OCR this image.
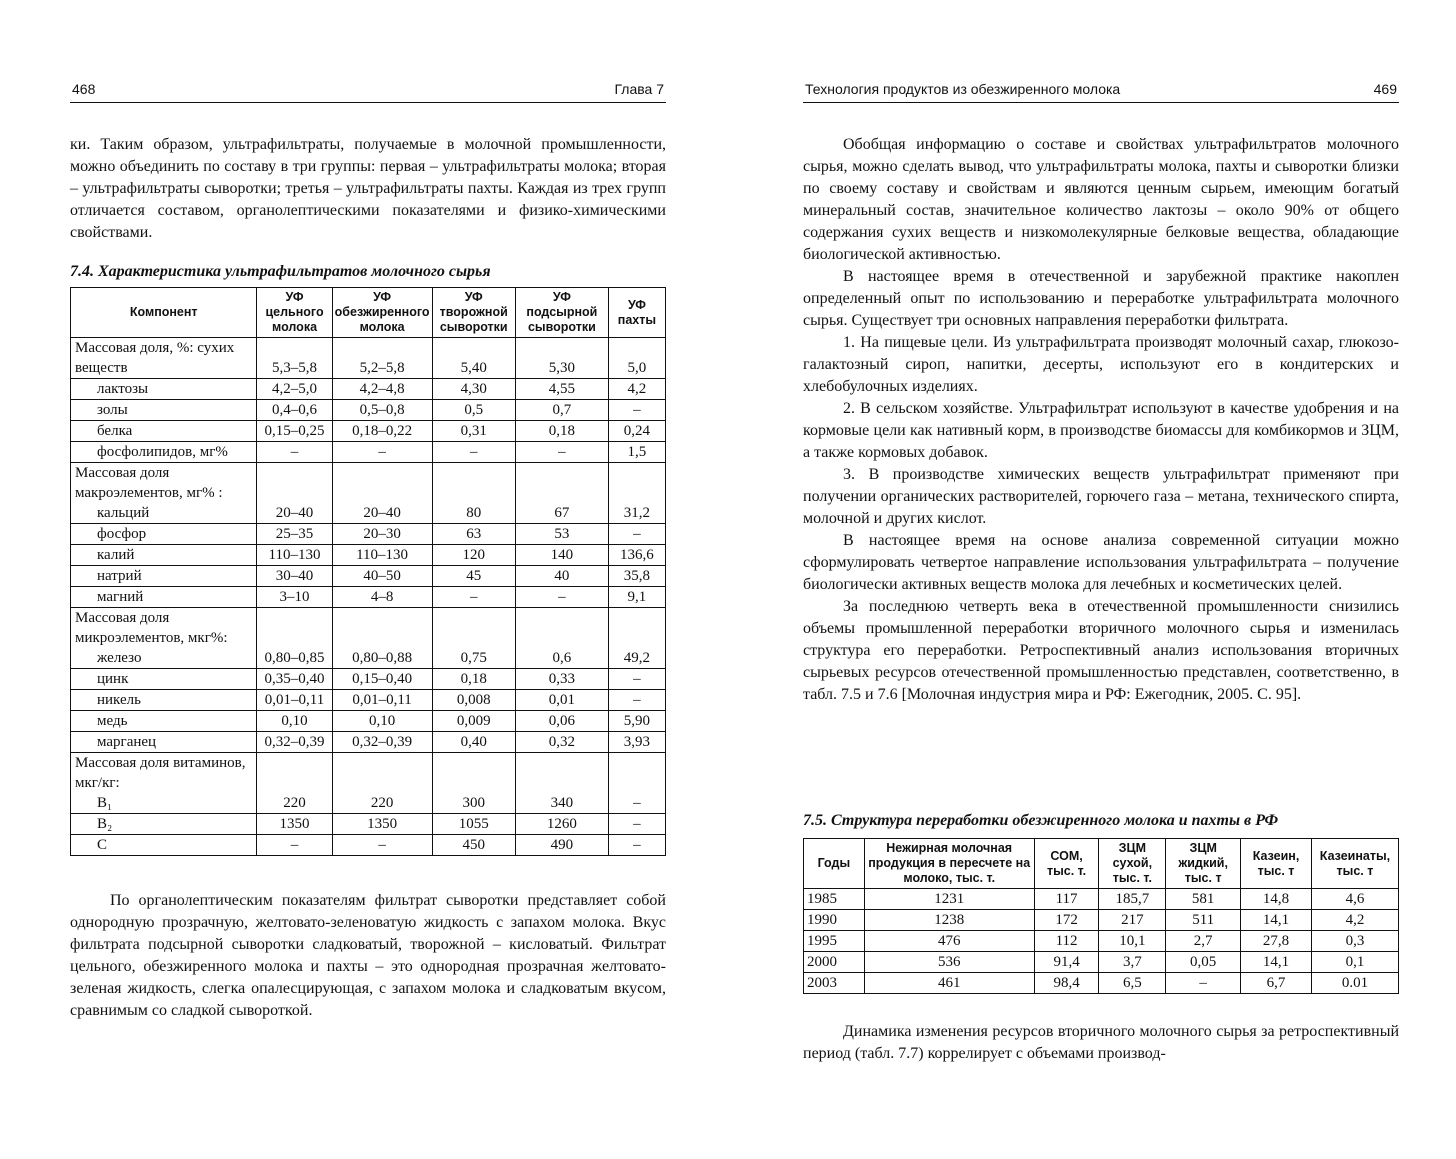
468	Глава 7

ки. Таким образом, ультрафильтраты, получаемые в молочной промышленности, можно объединить по составу в три группы: первая – ультрафильтраты молока; вторая – ультрафильтраты сыворотки; третья – ультрафильтраты пахты. Каждая из трех групп отличается составом, органолептическими показателями и физико-химическими свойствами.

7.4. Характеристика ультрафильтратов молочного сырья

Компонент	УФ цельного молока	УФ обезжиренного молока	УФ творожной сыворотки	УФ подсырной сыворотки	УФ пахты
Массовая доля, %: сухих веществ	5,3–5,8	5,2–5,8	5,40	5,30	5,0
лактозы	4,2–5,0	4,2–4,8	4,30	4,55	4,2
золы	0,4–0,6	0,5–0,8	0,5	0,7	–
белка	0,15–0,25	0,18–0,22	0,31	0,18	0,24
фосфолипидов, мг%	–	–	–	–	1,5
Массовая доля макроэлементов, мг% :					
кальций	20–40	20–40	80	67	31,2
фосфор	25–35	20–30	63	53	–
калий	110–130	110–130	120	140	136,6
натрий	30–40	40–50	45	40	35,8
магний	3–10	4–8	–	–	9,1
Массовая доля микроэлементов, мкг%:					
железо	0,80–0,85	0,80–0,88	0,75	0,6	49,2
цинк	0,35–0,40	0,15–0,40	0,18	0,33	–
никель	0,01–0,11	0,01–0,11	0,008	0,01	–
медь	0,10	0,10	0,009	0,06	5,90
марганец	0,32–0,39	0,32–0,39	0,40	0,32	3,93
Массовая доля витаминов, мкг/кг:					
B₁	220	220	300	340	–
B₂	1350	1350	1055	1260	–
C	–	–	450	490	–

По органолептическим показателям фильтрат сыворотки представляет собой однородную прозрачную, желтовато-зеленоватую жидкость с запахом молока. Вкус фильтрата подсырной сыворотки сладковатый, творожной – кисловатый. Фильтрат цельного, обезжиренного молока и пахты – это однородная прозрачная желтовато-зеленая жидкость, слегка опалесцирующая, с запахом молока и сладковатым вкусом, сравнимым со сладкой сывороткой.

Технология продуктов из обезжиренного молока	469

Обобщая информацию о составе и свойствах ультрафильтратов молочного сырья, можно сделать вывод, что ультрафильтраты молока, пахты и сыворотки близки по своему составу и свойствам и являются ценным сырьем, имеющим богатый минеральный состав, значительное количество лактозы – около 90% от общего содержания сухих веществ и низкомолекулярные белковые вещества, обладающие биологической активностью.

В настоящее время в отечественной и зарубежной практике накоплен определенный опыт по использованию и переработке ультрафильтрата молочного сырья. Существует три основных направления переработки фильтрата.

1. На пищевые цели. Из ультрафильтрата производят молочный сахар, глюкозо-галактозный сироп, напитки, десерты, используют его в кондитерских и хлебобулочных изделиях.

2. В сельском хозяйстве. Ультрафильтрат используют в качестве удобрения и на кормовые цели как нативный корм, в производстве биомассы для комбикормов и ЗЦМ, а также кормовых добавок.

3. В производстве химических веществ ультрафильтрат применяют при получении органических растворителей, горючего газа – метана, технического спирта, молочной и других кислот.

В настоящее время на основе анализа современной ситуации можно сформулировать четвертое направление использования ультрафильтрата – получение биологически активных веществ молока для лечебных и косметических целей.

За последнюю четверть века в отечественной промышленности снизились объемы промышленной переработки вторичного молочного сырья и изменилась структура его переработки. Ретроспективный анализ использования вторичных сырьевых ресурсов отечественной промышленностью представлен, соответственно, в табл. 7.5 и 7.6 [Молочная индустрия мира и РФ: Ежегодник, 2005. С. 95].

7.5. Структура переработки обезжиренного молока и пахты в РФ

Годы	Нежирная молочная продукция в пересчете на молоко, тыс. т.	СОМ, тыс. т.	ЗЦМ сухой, тыс. т.	ЗЦМ жидкий, тыс. т	Казеин, тыс. т	Казеинаты, тыс. т
1985	1231	117	185,7	581	14,8	4,6
1990	1238	172	217	511	14,1	4,2
1995	476	112	10,1	2,7	27,8	0,3
2000	536	91,4	3,7	0,05	14,1	0,1
2003	461	98,4	6,5	–	6,7	0.01

Динамика изменения ресурсов вторичного молочного сырья за ретроспективный период (табл. 7.7) коррелирует с объемами производ-
